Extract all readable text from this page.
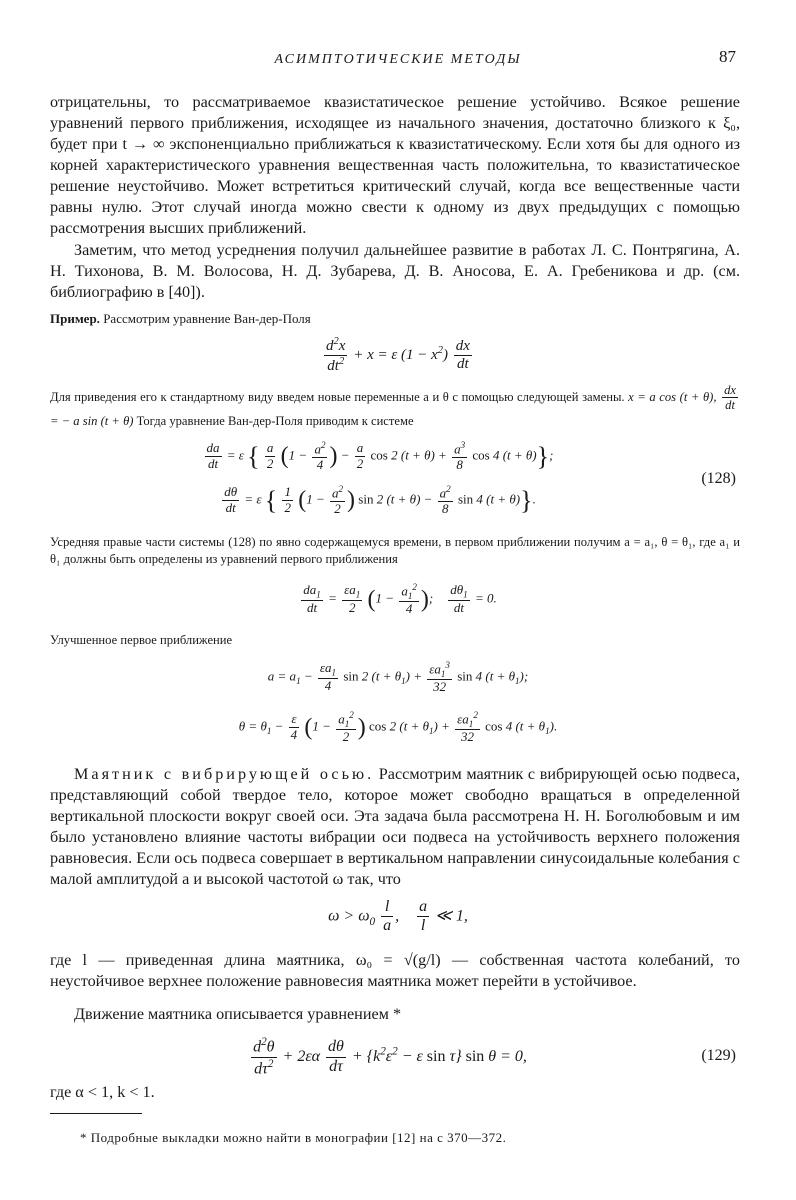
АСИМПТОТИЧЕСКИЕ МЕТОДЫ	87

отрицательны, то рассматриваемое квазистатическое решение устойчиво. Всякое решение уравнений первого приближения, исходящее из начального значения, достаточно близкого к ξ₀, будет при t → ∞ экспоненциально приближаться к квазистатическому. Если хотя бы для одного из корней характеристического уравнения вещественная часть положительна, то квазистатическое решение неустойчиво. Может встретиться критический случай, когда все вещественные части равны нулю. Этот случай иногда можно свести к одному из двух предыдущих с помощью рассмотрения высших приближений.

Заметим, что метод усреднения получил дальнейшее развитие в работах Л. С. Понтрягина, А. Н. Тихонова, В. М. Волосова, Н. Д. Зубарева, Д. В. Аносова, Е. А. Гребеникова и др. (см. библиографию в [40]).

Пример. Рассмотрим уравнение Ван-дер-Поля

$\frac{d^2x}{dt^2} + x = \varepsilon$ $(1 - x^2) \frac{dx}{dt}$

Для приведения его к стандартному виду введем новые переменные a и θ с помощью следующей замены. x = a cos (t + θ), $\frac{dx}{dt}$
= − a sin (t + θ) Тогда уравнение Ван-дер-Поля приводим к системе

$\frac{da}{dt} = \varepsilon$ { $\frac{a}{2} (1 - \frac{a^2}{4}$ ) − $\frac{a}{2}$ cos 2 $(t + \theta) + \frac{a^3}{8}$ cos 4 (t + θ)};
(128)
$\frac{d\theta}{dt} = \varepsilon$ { $\frac{1}{2} (1 - \frac{a^2}{2}$ ) sin 2 $(t + \theta) - \frac{a^2}{8}$ sin 4 (t + θ)}.

Усредняя правые части системы (128) по явно содержащемуся времени, в первом приближении получим a = a₁, θ = θ₁, где a₁ и θ₁ должны быть определены из уравнений первого приближения

$\frac{da_1}{dt} = \frac{\varepsilon a_1}{2} (1 - \frac{a_1^2}{4}$ ); $\frac{d\theta_1}{dt} = 0$.

Улучшенное первое приближение

$a = a_1 - \frac{\varepsilon a_1}{4}$ sin 2 $(t + \theta_1) + \frac{\varepsilon a_1^3}{32}$ sin 4 $(t + \theta_1)$;
$\theta = \theta_1 - \frac{\varepsilon}{4} (1 - \frac{a_1^2}{2}$ ) cos 2 $(t + \theta_1) + \frac{\varepsilon a_1^2}{32}$ cos 4 $(t + \theta_1)$.

Маятник с вибрирующей осью. Рассмотрим маятник с вибрирующей осью подвеса, представляющий собой твердое тело, которое может свободно вращаться в определенной вертикальной плоскости вокруг своей оси. Эта задача была рассмотрена Н. Н. Боголюбовым и им было установлено влияние частоты вибрации оси подвеса на устойчивость верхнего положения равновесия. Если ось подвеса совершает в вертикальном направлении синусоидальные колебания с малой амплитудой a и высокой частотой ω так, что

$\omega > \omega_0 \frac{l}{a}$ , $\frac{a}{l}$ ≪ 1,

где l — приведенная длина маятника, ω₀ = √(g/l) — собственная частота колебаний, то неустойчивое верхнее положение равновесия маятника может перейти в устойчивое.

Движение маятника описывается уравнением *

$\frac{d^2\theta}{d\tau^2} + 2\varepsilon\alpha \frac{d\theta}{d\tau} + \{k^2\varepsilon^2 - \varepsilon$ sin τ} sin θ = 0,	(129)

где α < 1, k < 1.

* Подробные выкладки можно найти в монографии [12] на с 370—372.
